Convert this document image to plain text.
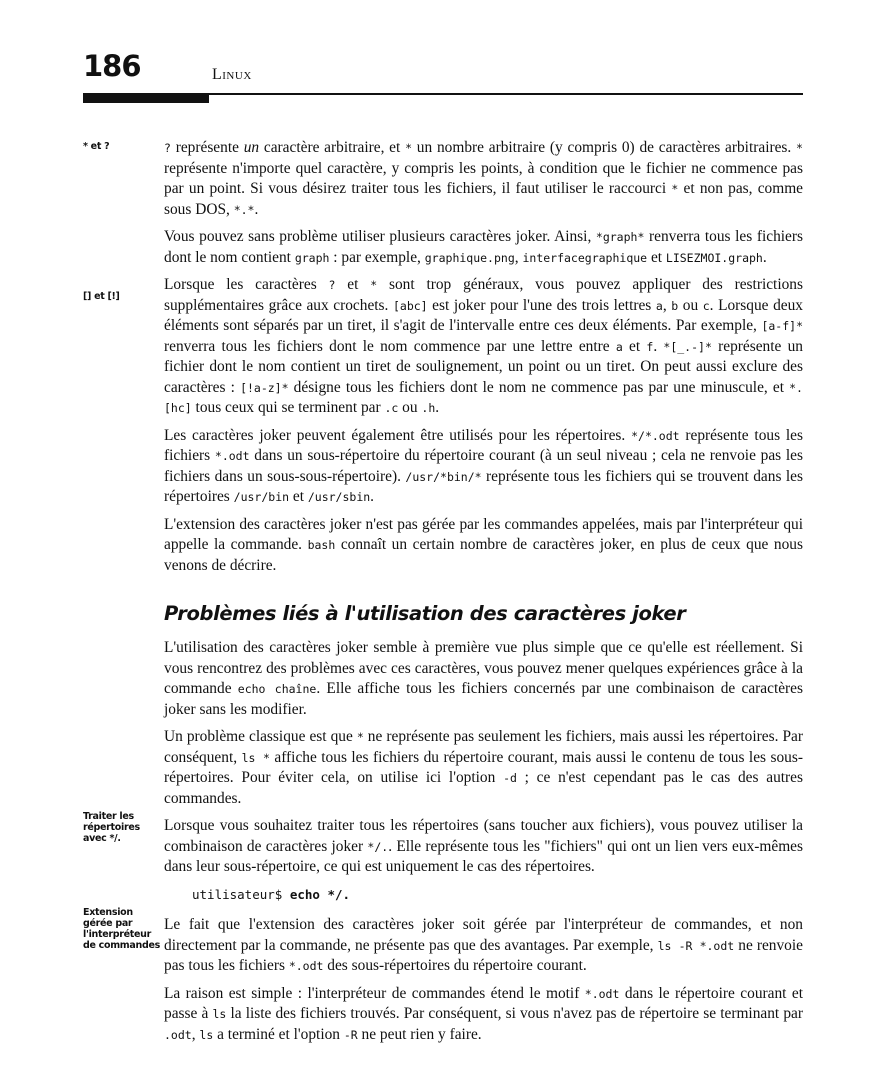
186	Linux
* et ?
[] et [!]
Traiter les répertoires avec */.
Extension gérée par l'interpréteur de commandes

? représente un caractère arbitraire, et * un nombre arbitraire (y compris 0) de caractères arbitraires. * représente n'importe quel caractère, y compris les points, à condition que le fichier ne commence pas par un point. Si vous désirez traiter tous les fichiers, il faut utiliser le raccourci * et non pas, comme sous DOS, *.*.

Vous pouvez sans problème utiliser plusieurs caractères joker. Ainsi, *graph* renverra tous les fichiers dont le nom contient graph : par exemple, graphique.png, interfacegraphique et LISEZMOI.graph.

Lorsque les caractères ? et * sont trop généraux, vous pouvez appliquer des restrictions supplémentaires grâce aux crochets. [abc] est joker pour l'une des trois lettres a, b ou c. Lorsque deux éléments sont séparés par un tiret, il s'agit de l'intervalle entre ces deux éléments. Par exemple, [a-f]* renverra tous les fichiers dont le nom commence par une lettre entre a et f. *[_.-]* représente un fichier dont le nom contient un tiret de soulignement, un point ou un tiret. On peut aussi exclure des caractères : [!a-z]* désigne tous les fichiers dont le nom ne commence pas par une minuscule, et *.[hc] tous ceux qui se terminent par .c ou .h.

Les caractères joker peuvent également être utilisés pour les répertoires. */*.odt représente tous les fichiers *.odt dans un sous-répertoire du répertoire courant (à un seul niveau ; cela ne renvoie pas les fichiers dans un sous-sous-répertoire). /usr/*bin/* représente tous les fichiers qui se trouvent dans les répertoires /usr/bin et /usr/sbin.

L'extension des caractères joker n'est pas gérée par les commandes appelées, mais par l'interpréteur qui appelle la commande. bash connaît un certain nombre de caractères joker, en plus de ceux que nous venons de décrire.

Problèmes liés à l'utilisation des caractères joker

L'utilisation des caractères joker semble à première vue plus simple que ce qu'elle est réellement. Si vous rencontrez des problèmes avec ces caractères, vous pouvez mener quelques expériences grâce à la commande echo chaîne. Elle affiche tous les fichiers concernés par une combinaison de caractères joker sans les modifier.

Un problème classique est que * ne représente pas seulement les fichiers, mais aussi les répertoires. Par conséquent, ls * affiche tous les fichiers du répertoire courant, mais aussi le contenu de tous les sous-répertoires. Pour éviter cela, on utilise ici l'option -d ; ce n'est cependant pas le cas des autres commandes.

Lorsque vous souhaitez traiter tous les répertoires (sans toucher aux fichiers), vous pouvez utiliser la combinaison de caractères joker */.. Elle représente tous les "fichiers" qui ont un lien vers eux-mêmes dans leur sous-répertoire, ce qui est uniquement le cas des répertoires.

utilisateur$ echo */.

Le fait que l'extension des caractères joker soit gérée par l'interpréteur de commandes, et non directement par la commande, ne présente pas que des avantages. Par exemple, ls -R *.odt ne renvoie pas tous les fichiers *.odt des sous-répertoires du répertoire courant.

La raison est simple : l'interpréteur de commandes étend le motif *.odt dans le répertoire courant et passe à ls la liste des fichiers trouvés. Par conséquent, si vous n'avez pas de répertoire se terminant par .odt, ls a terminé et l'option -R ne peut rien y faire.
